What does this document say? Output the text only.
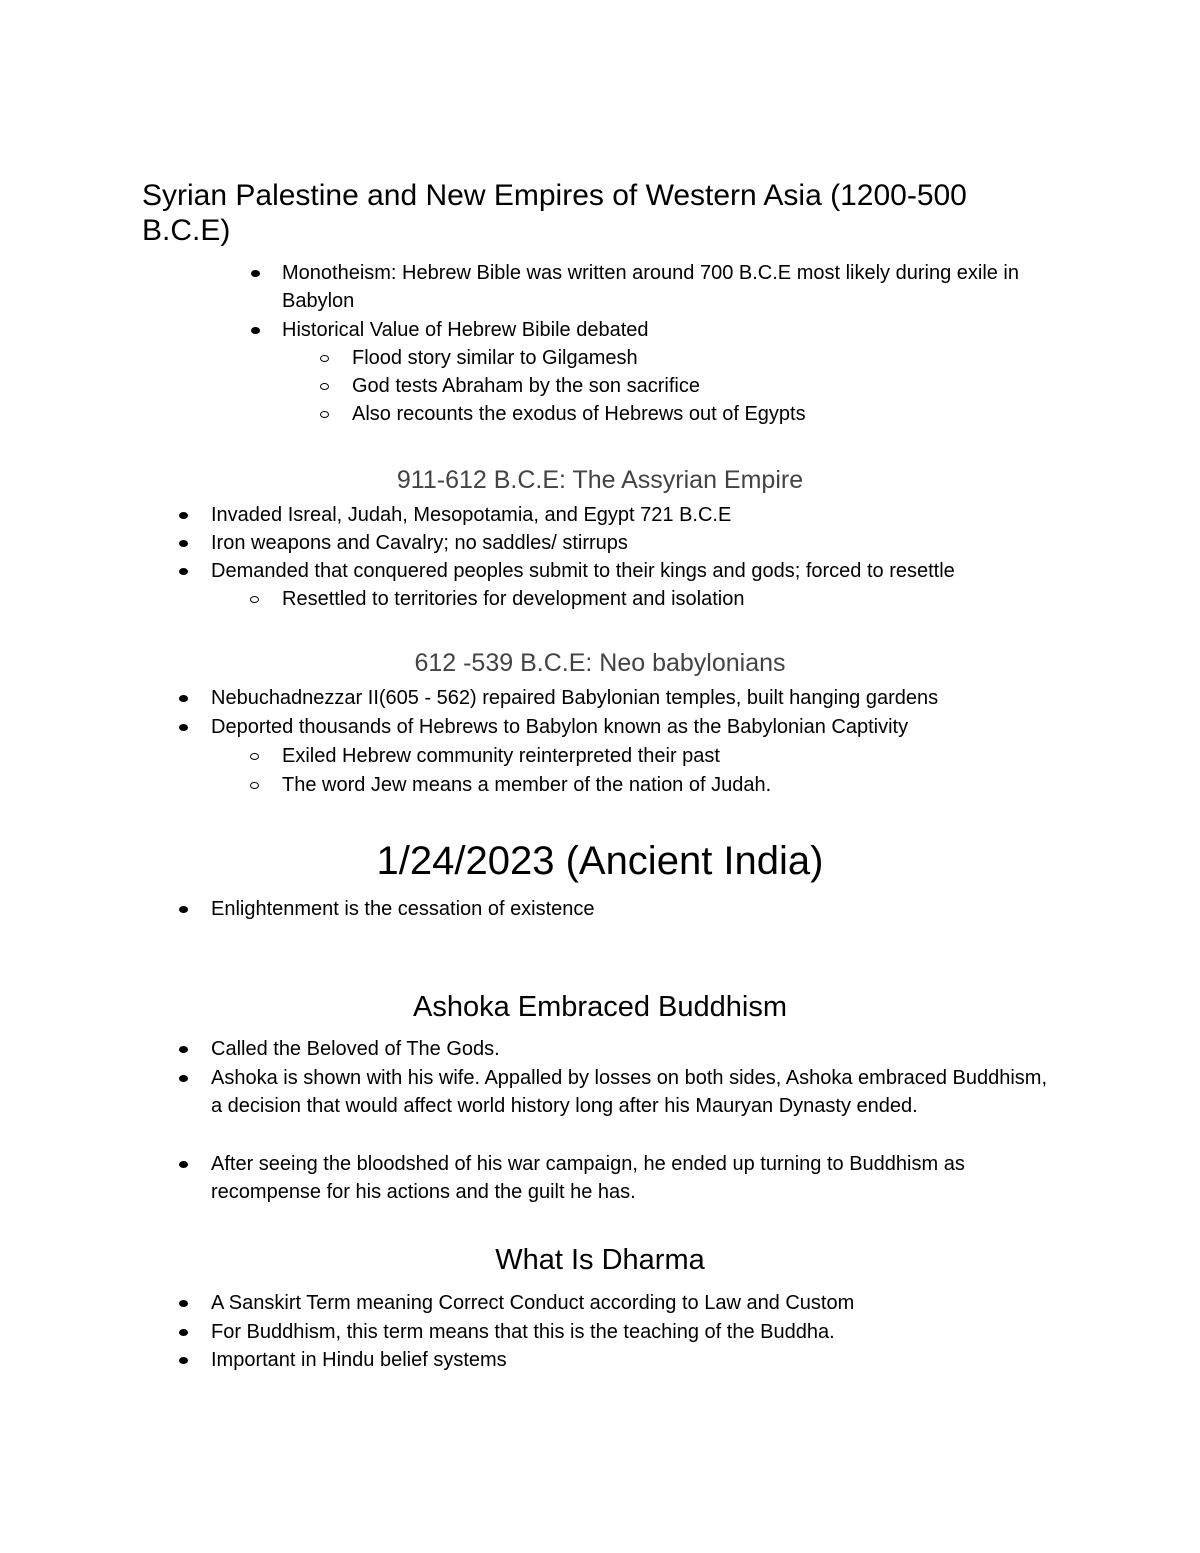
Syrian Palestine and New Empires of Western Asia (1200-500 B.C.E)
Monotheism: Hebrew Bible was written around 700 B.C.E most likely during exile in Babylon
Historical Value of Hebrew Bibile debated
Flood story similar to Gilgamesh
God tests Abraham by the son sacrifice
Also recounts the exodus of Hebrews out of Egypts
911-612 B.C.E: The Assyrian Empire
Invaded Isreal, Judah, Mesopotamia, and Egypt 721 B.C.E
Iron weapons and Cavalry; no saddles/ stirrups
Demanded that conquered peoples submit to their kings and gods; forced to resettle
Resettled to territories for development and isolation
612 -539 B.C.E: Neo babylonians
Nebuchadnezzar II(605 - 562) repaired Babylonian temples, built hanging gardens
Deported thousands of Hebrews to Babylon known as the Babylonian Captivity
Exiled Hebrew community reinterpreted their past
The word Jew means a member of the nation of Judah.
1/24/2023 (Ancient India)
Enlightenment is the cessation of existence
Ashoka Embraced Buddhism
Called the Beloved of The Gods.
Ashoka is shown with his wife. Appalled by losses on both sides, Ashoka embraced Buddhism, a decision that would affect world history long after his Mauryan Dynasty ended.
After seeing the bloodshed of his war campaign, he ended up turning to Buddhism as recompense for his actions and the guilt he has.
What Is Dharma
A Sanskirt Term meaning Correct Conduct according to Law and Custom
For Buddhism, this term means that this is the teaching of the Buddha.
Important in Hindu belief systems
